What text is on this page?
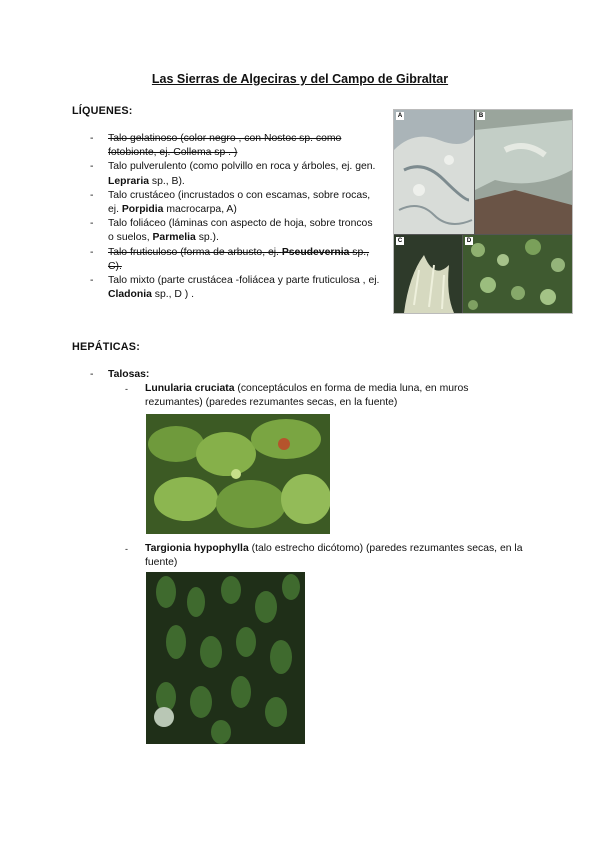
Las Sierras de Algeciras y del Campo de Gibraltar
LÍQUENES:
- Talo gelatinoso (color negro , con Nostoc sp. como fotobionte, ej. Collema sp . )
- Talo pulverulento (como polvillo en roca y árboles, ej. gen. Lepraria sp., B).
- Talo crustáceo (incrustados o con escamas, sobre rocas, ej. Porpidia macrocarpa, A)
- Talo foliáceo (láminas con aspecto de hoja, sobre troncos o suelos, Parmelia sp.).
- Talo fruticuloso (forma de arbusto, ej. Pseudevernia sp., C).
- Talo mixto (parte crustácea -foliácea y parte fruticulosa , ej. Cladonia sp., D ) .
A	B
C	D
HEPÁTICAS:
- Talosas:
-	Lunularia cruciata (conceptáculos en forma de media luna, en muros rezumantes) (paredes rezumantes secas, en la fuente)
-	Targionia hypophylla (talo estrecho dicótomo) (paredes rezumantes secas, en la fuente)
